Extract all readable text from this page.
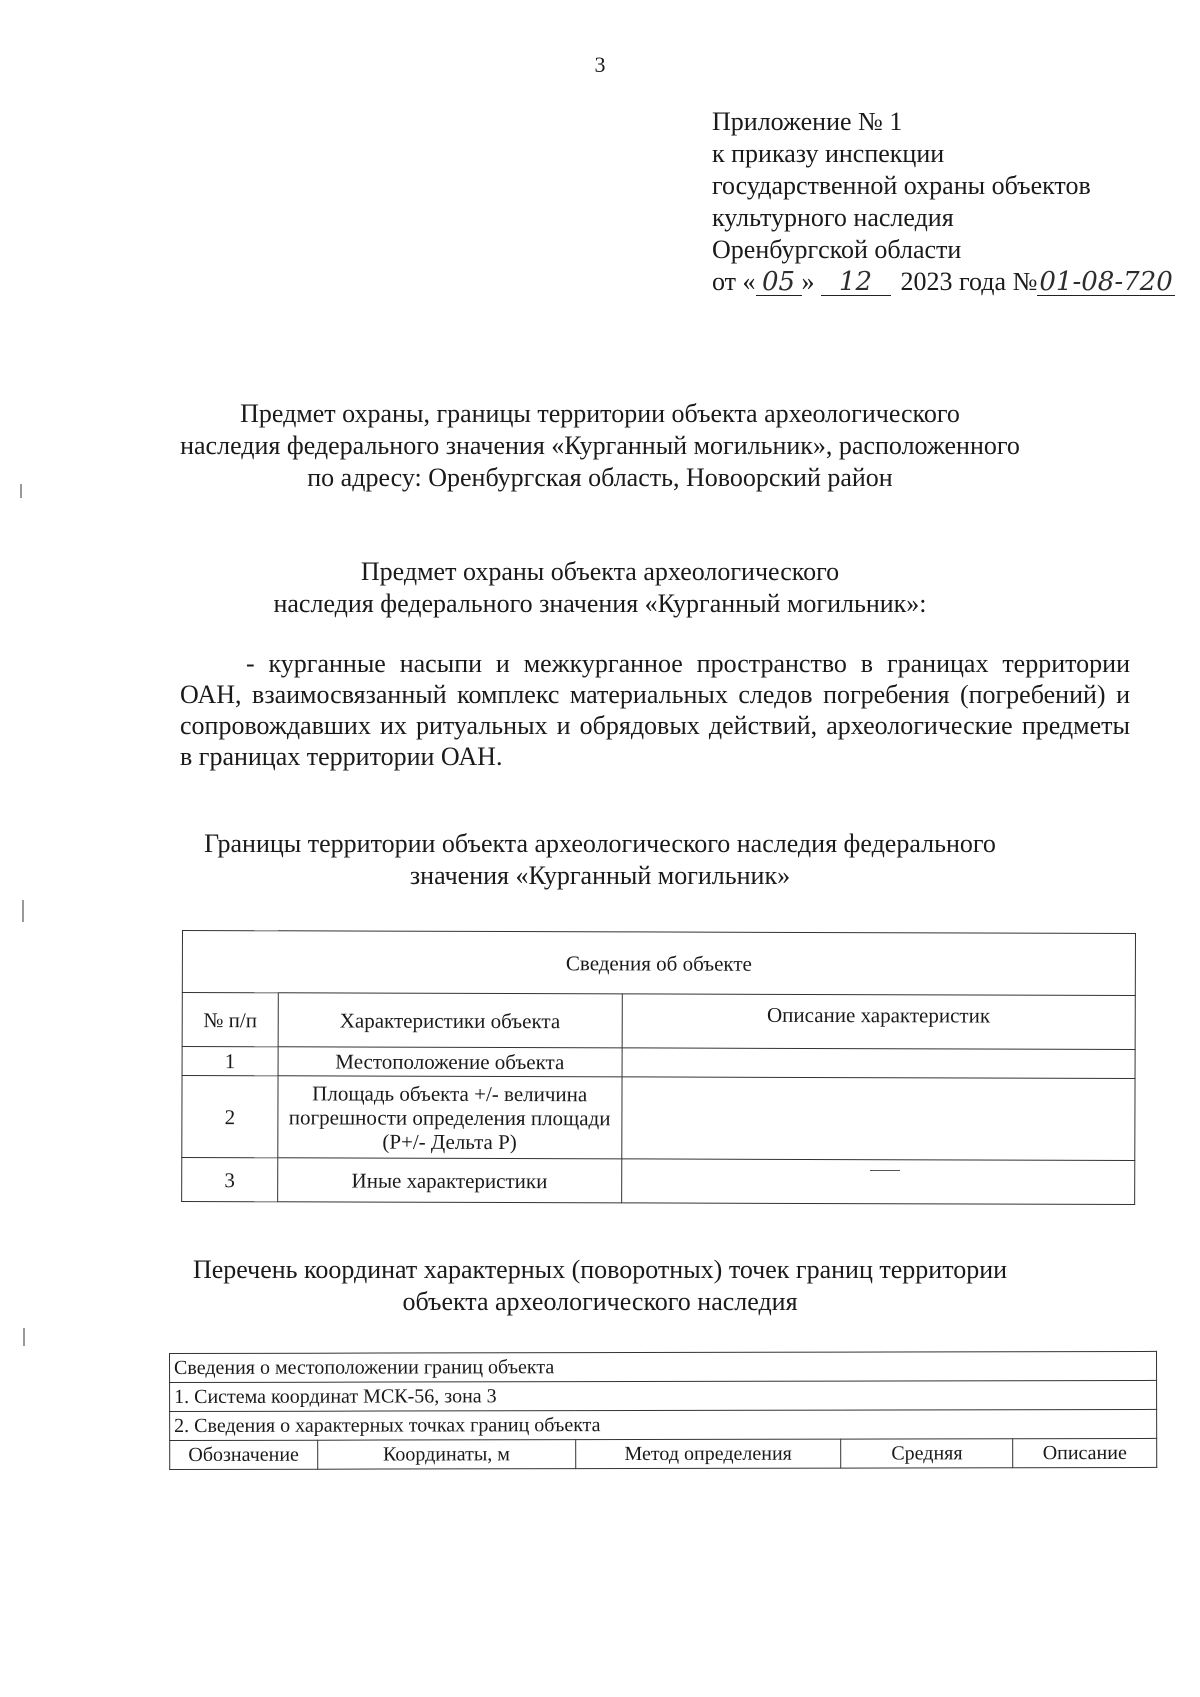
3
Приложение № 1
к приказу инспекции
государственной охраны объектов
культурного наследия
Оренбургской области
от « 05 » 12 2023 года №01-08-720
Предмет охраны, границы территории объекта археологического
наследия федерального значения «Курганный могильник», расположенного
по адресу: Оренбургская область, Новоорский район
Предмет охраны объекта археологического
наследия федерального значения «Курганный могильник»:
- курганные насыпи и межкурганное пространство в границах территории ОАН, взаимосвязанный комплекс материальных следов погребения (погребений) и сопровождавших их ритуальных и обрядовых действий, археологические предметы в границах территории ОАН.
Границы территории объекта археологического наследия федерального
значения «Курганный могильник»
Сведения об объекте		
№ п/п	Характеристики объекта	Описание характеристик
1	Местоположение объекта	
2	Площадь объекта +/- величина погрешности определения площади (P+/- Дельта P)	
3	Иные характеристики	
Перечень координат характерных (поворотных) точек границ территории
объекта археологического наследия
Сведения о местоположении границ объекта
1. Система координат МСК-56, зона 3
2. Сведения о характерных точках границ объекта
Обозначение	Координаты, м	Метод определения	Средняя	Описание
